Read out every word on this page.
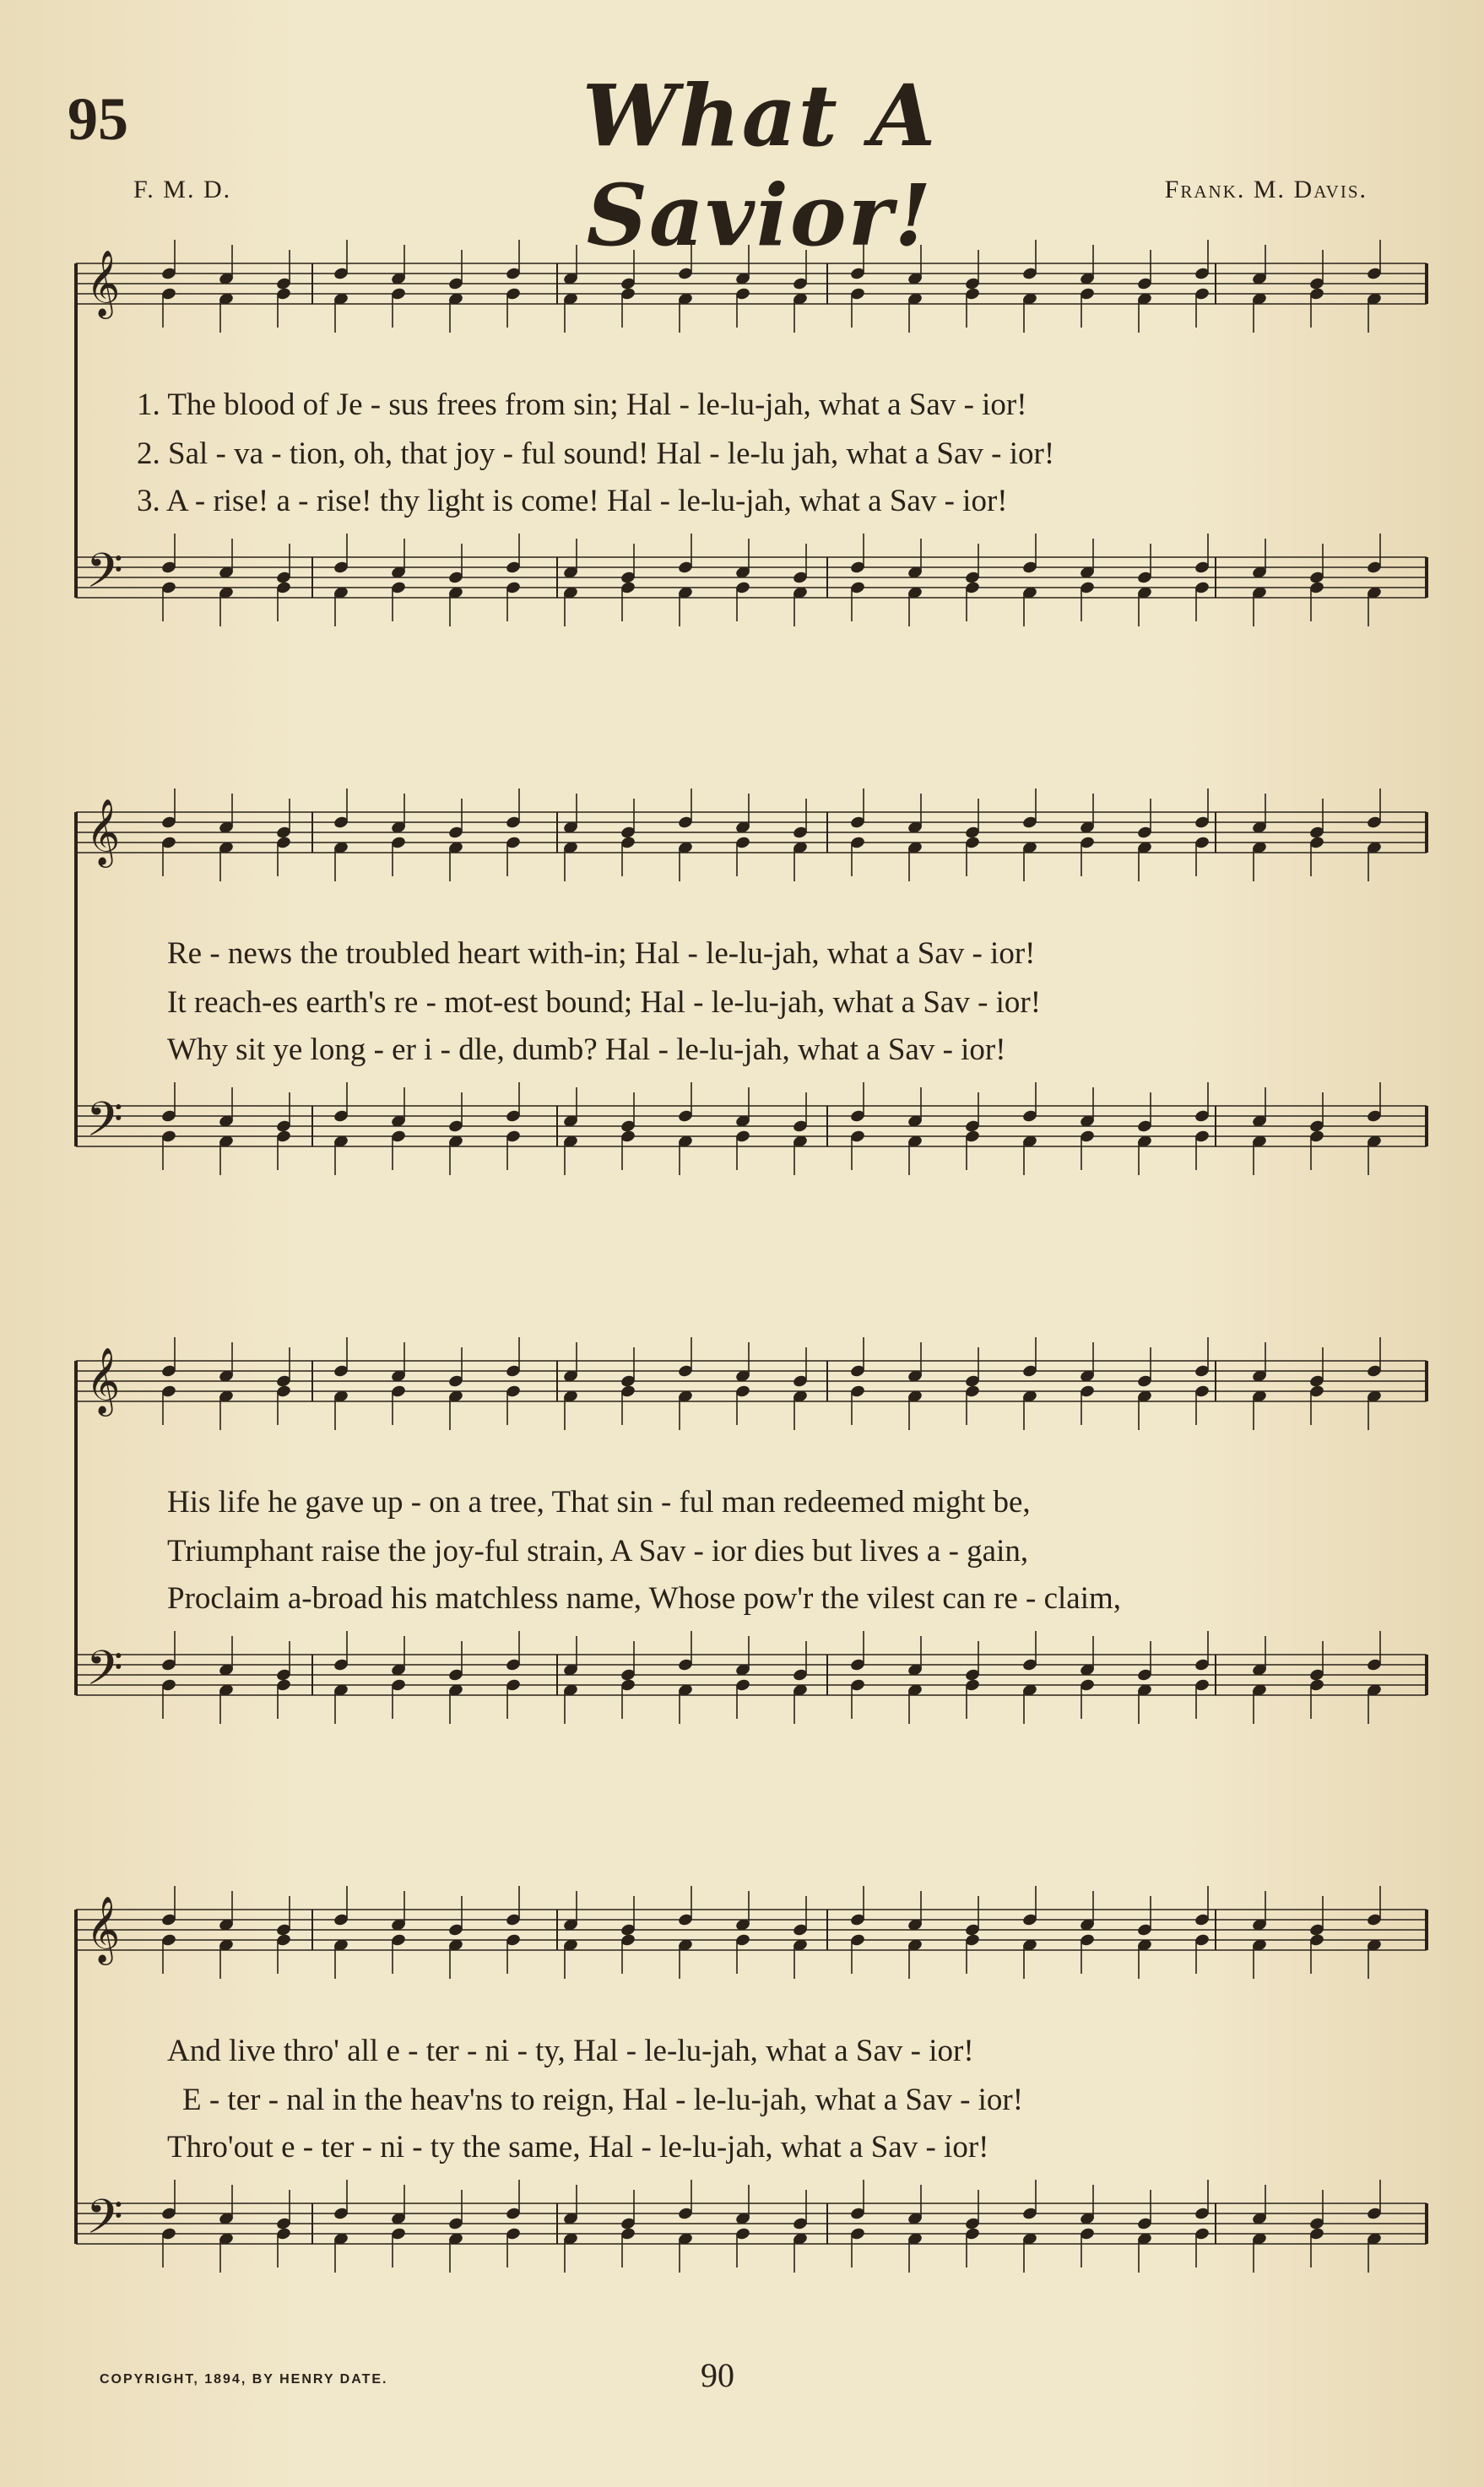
95	What A Savior!
F. M. D.	Frank. M. Davis.
𝄞
𝄢
1. The blood of Je - sus frees from sin; Hal - le-lu-jah, what a Sav - ior!
2. Sal - va - tion, oh, that joy - ful sound! Hal - le-lu jah, what a Sav - ior!
3. A - rise! a - rise! thy light is come! Hal - le-lu-jah, what a Sav - ior!
𝄞
𝄢
Re - news the troubled heart with-in; Hal - le-lu-jah, what a Sav - ior!
It reach-es earth's re - mot-est bound; Hal - le-lu-jah, what a Sav - ior!
Why sit ye long - er i - dle, dumb? Hal - le-lu-jah, what a Sav - ior!
𝄞
𝄢
His life he gave up - on a tree, That sin - ful man redeemed might be,
Triumphant raise the joy-ful strain, A Sav - ior dies but lives a - gain,
Proclaim a-broad his matchless name, Whose pow'r the vilest can re - claim,
𝄞
𝄢
And live thro' all e - ter - ni - ty, Hal - le-lu-jah, what a Sav - ior!
E - ter - nal in the heav'ns to reign, Hal - le-lu-jah, what a Sav - ior!
Thro'out e - ter - ni - ty the same, Hal - le-lu-jah, what a Sav - ior!
COPYRIGHT, 1894, BY HENRY DATE.	90
